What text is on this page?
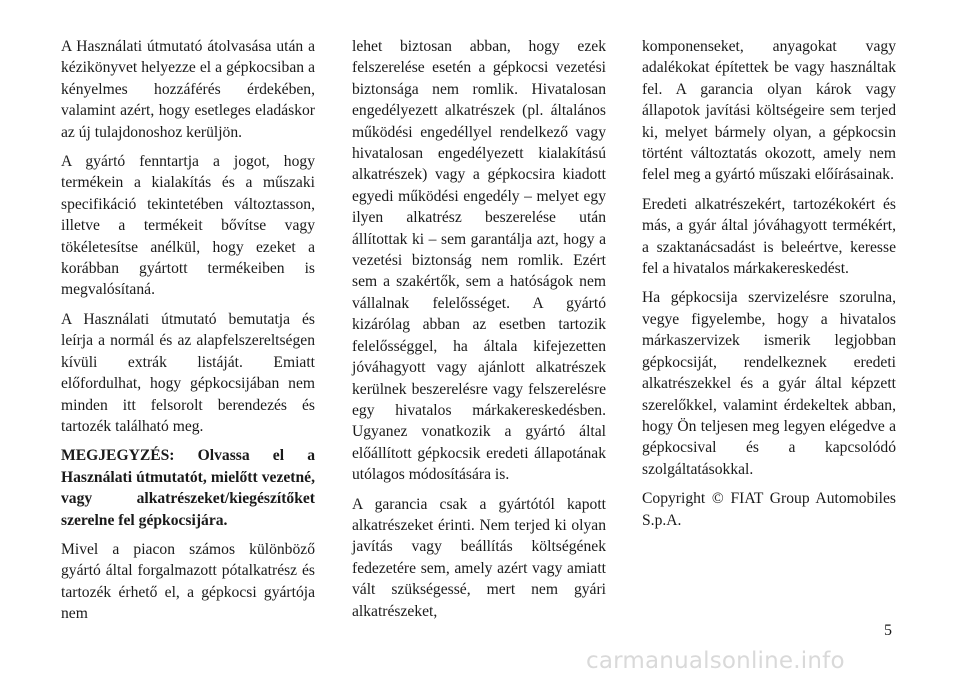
A Használati útmutató átolvasása után a kézikönyvet helyezze el a gépkocsiban a kényelmes hozzáférés érdekében, valamint azért, hogy esetleges eladáskor az új tulajdonoshoz kerüljön.

A gyártó fenntartja a jogot, hogy termékein a kialakítás és a műszaki specifikáció tekintetében változtasson, illetve a termékeit bővítse vagy tökéletesítse anélkül, hogy ezeket a korábban gyártott termékeiben is megvalósítaná.

A Használati útmutató bemutatja és leírja a normál és az alapfelszereltségen kívüli extrák listáját. Emiatt előfordulhat, hogy gépkocsijában nem minden itt felsorolt berendezés és tartozék található meg.

MEGJEGYZÉS: Olvassa el a Használati útmutatót, mielőtt vezetné, vagy alkatrészeket/kiegészítőket szerelne fel gépkocsijára.

Mivel a piacon számos különböző gyártó által forgalmazott pótalkatrész és tartozék érhető el, a gépkocsi gyártója nem

lehet biztosan abban, hogy ezek felszerelése esetén a gépkocsi vezetési biztonsága nem romlik. Hivatalosan engedélyezett alkatrészek (pl. általános működési engedéllyel rendelkező vagy hivatalosan engedélyezett kialakítású alkatrészek) vagy a gépkocsira kiadott egyedi működési engedély – melyet egy ilyen alkatrész beszerelése után állítottak ki – sem garantálja azt, hogy a vezetési biztonság nem romlik. Ezért sem a szakértők, sem a hatóságok nem vállalnak felelősséget. A gyártó kizárólag abban az esetben tartozik felelősséggel, ha általa kifejezetten jóváhagyott vagy ajánlott alkatrészek kerülnek beszerelésre vagy felszerelésre egy hivatalos márkakereskedésben. Ugyanez vonatkozik a gyártó által előállított gépkocsik eredeti állapotának utólagos módosítására is.

A garancia csak a gyártótól kapott alkatrészeket érinti. Nem terjed ki olyan javítás vagy beállítás költségének fedezetére sem, amely azért vagy amiatt vált szükségessé, mert nem gyári alkatrészeket,

komponenseket, anyagokat vagy adalékokat építettek be vagy használtak fel. A garancia olyan károk vagy állapotok javítási költségeire sem terjed ki, melyet bármely olyan, a gépkocsin történt változtatás okozott, amely nem felel meg a gyártó műszaki előírásainak.

Eredeti alkatrészekért, tartozékokért és más, a gyár által jóváhagyott termékért, a szaktanácsadást is beleértve, keresse fel a hivatalos márkakereskedést.

Ha gépkocsija szervizelésre szorulna, vegye figyelembe, hogy a hivatalos márkaszervizek ismerik legjobban gépkocsiját, rendelkeznek eredeti alkatrészekkel és a gyár által képzett szerelőkkel, valamint érdekeltek abban, hogy Ön teljesen meg legyen elégedve a gépkocsival és a kapcsolódó szolgáltatásokkal.

Copyright © FIAT Group Automobiles S.p.A.

5
carmanualsonline.info
